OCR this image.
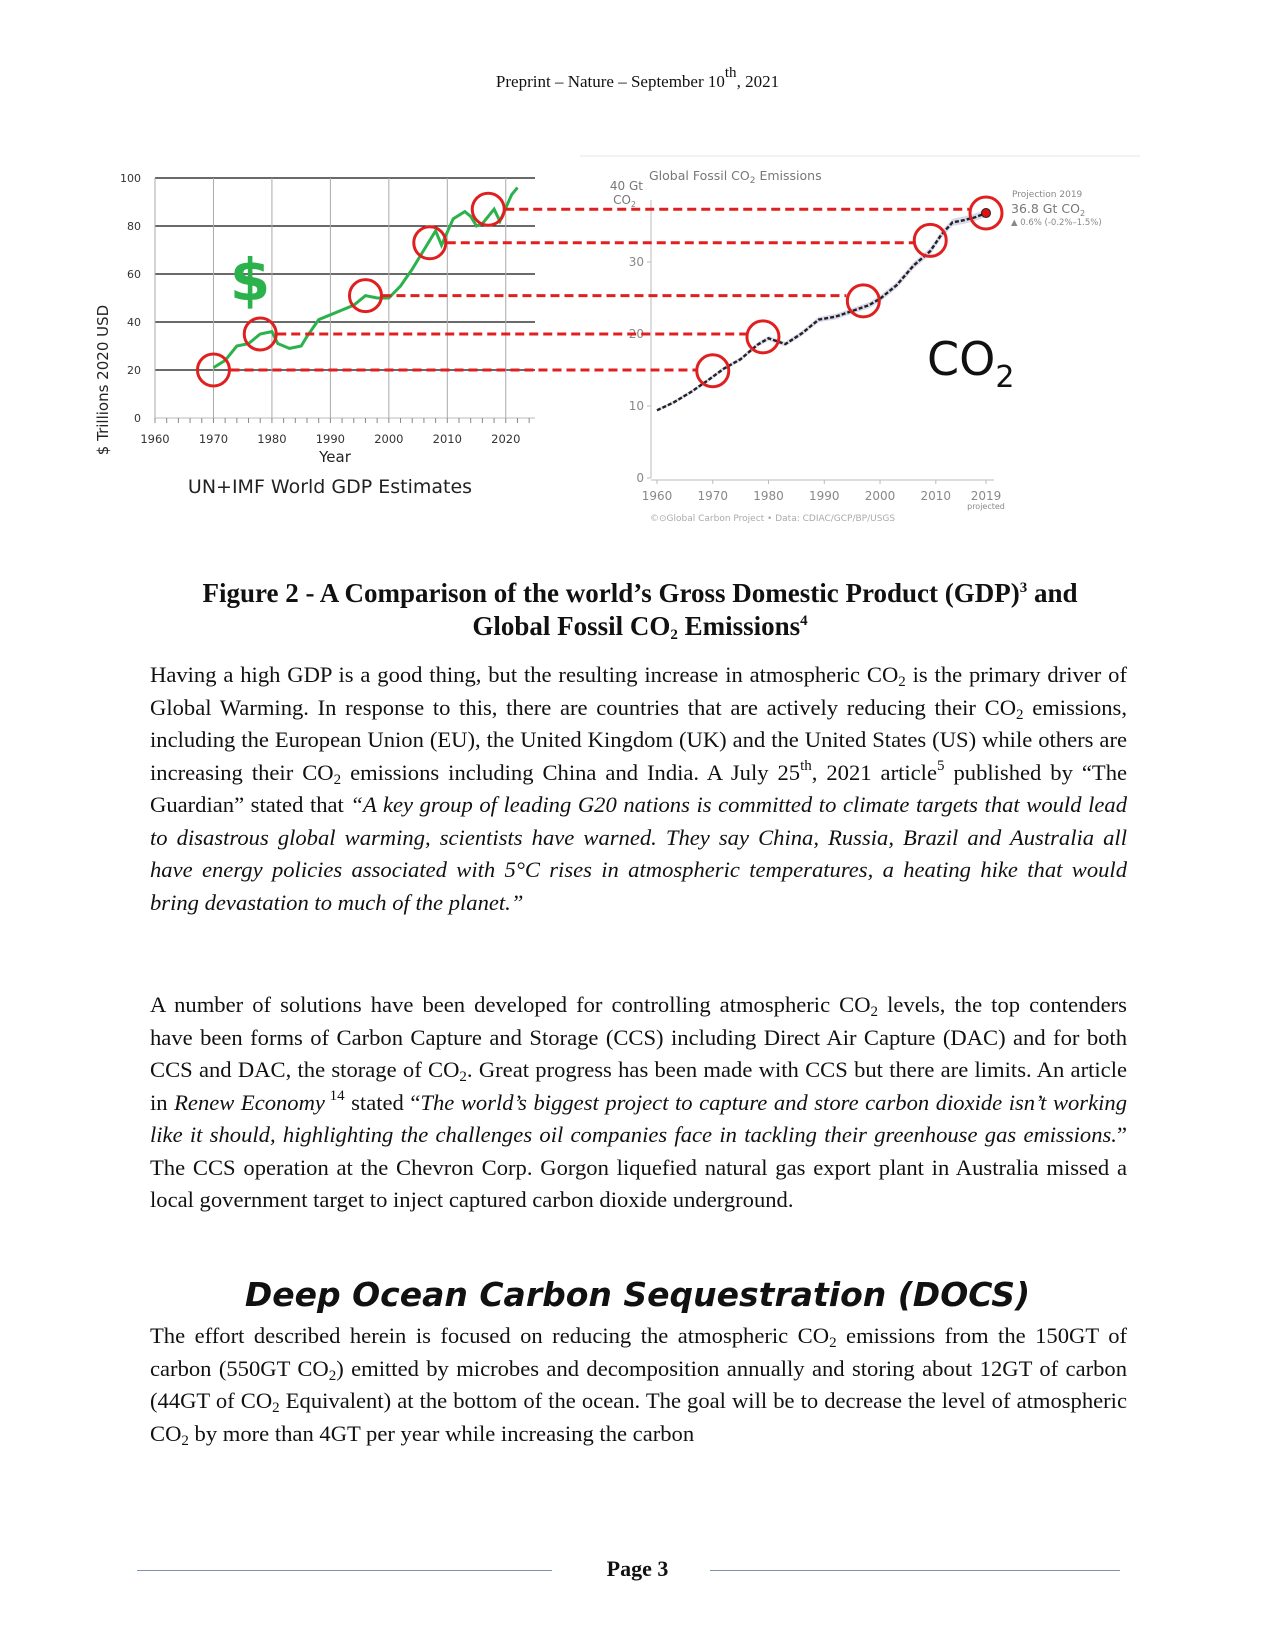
Preprint – Nature – September 10th, 2021
0
20
40
60
80
100
1960	1970	1980	1990	2000	2010	2020
$ Trillions 2020 USD
Year
UN+IMF World GDP Estimates
$
Global Fossil $CO_2$ Emissions
40 Gt
$CO_2$
0
10
20
30
1960 1970 1980 1990 2000 2010 2019
Projection 2019
36.8 Gt $CO_2$
▲ 0.6% (-0.2%–1.5%)
projected
©⊙Global Carbon Project • Data: CDIAC/GCP/BP/USGS
$CO_2$
Figure 2 - A Comparison of the world’s Gross Domestic Product (GDP)$^3$ and
Global Fossil $CO_2$ Emissions$^4$
Having a high GDP is a good thing, but the resulting increase in atmospheric $CO_2$ is the primary driver of Global Warming. In response to this, there are countries that are actively reducing their $CO_2$ emissions, including the European Union (EU), the United Kingdom (UK) and the United States (US) while others are increasing their $CO_2$ emissions including China and India. A July 25th, 2021 article$^5$ published by “The Guardian” stated that “A key group of leading G20 nations is committed to climate targets that would lead to disastrous global warming, scientists have warned. They say China, Russia, Brazil and Australia all have energy policies associated with 5°C rises in atmospheric temperatures, a heating hike that would bring devastation to much of the planet.”
A number of solutions have been developed for controlling atmospheric $CO_2$ levels, the top contenders have been forms of Carbon Capture and Storage (CCS) including Direct Air Capture (DAC) and for both CCS and DAC, the storage of $CO_2$. Great progress has been made with CCS but there are limits. An article in Renew Economy $^{14}$ stated “The world’s biggest project to capture and store carbon dioxide isn’t working like it should, highlighting the challenges oil companies face in tackling their greenhouse gas emissions.” The CCS operation at the Chevron Corp. Gorgon liquefied natural gas export plant in Australia missed a local government target to inject captured carbon dioxide underground.
Deep Ocean Carbon Sequestration (DOCS)
The effort described herein is focused on reducing the atmospheric $CO_2$ emissions from the 150GT of carbon (550GT $CO_2$) emitted by microbes and decomposition annually and storing about 12GT of carbon (44GT of $CO_2$ Equivalent) at the bottom of the ocean. The goal will be to decrease the level of atmospheric $CO_2$ by more than 4GT per year while increasing the carbon
Page 3
